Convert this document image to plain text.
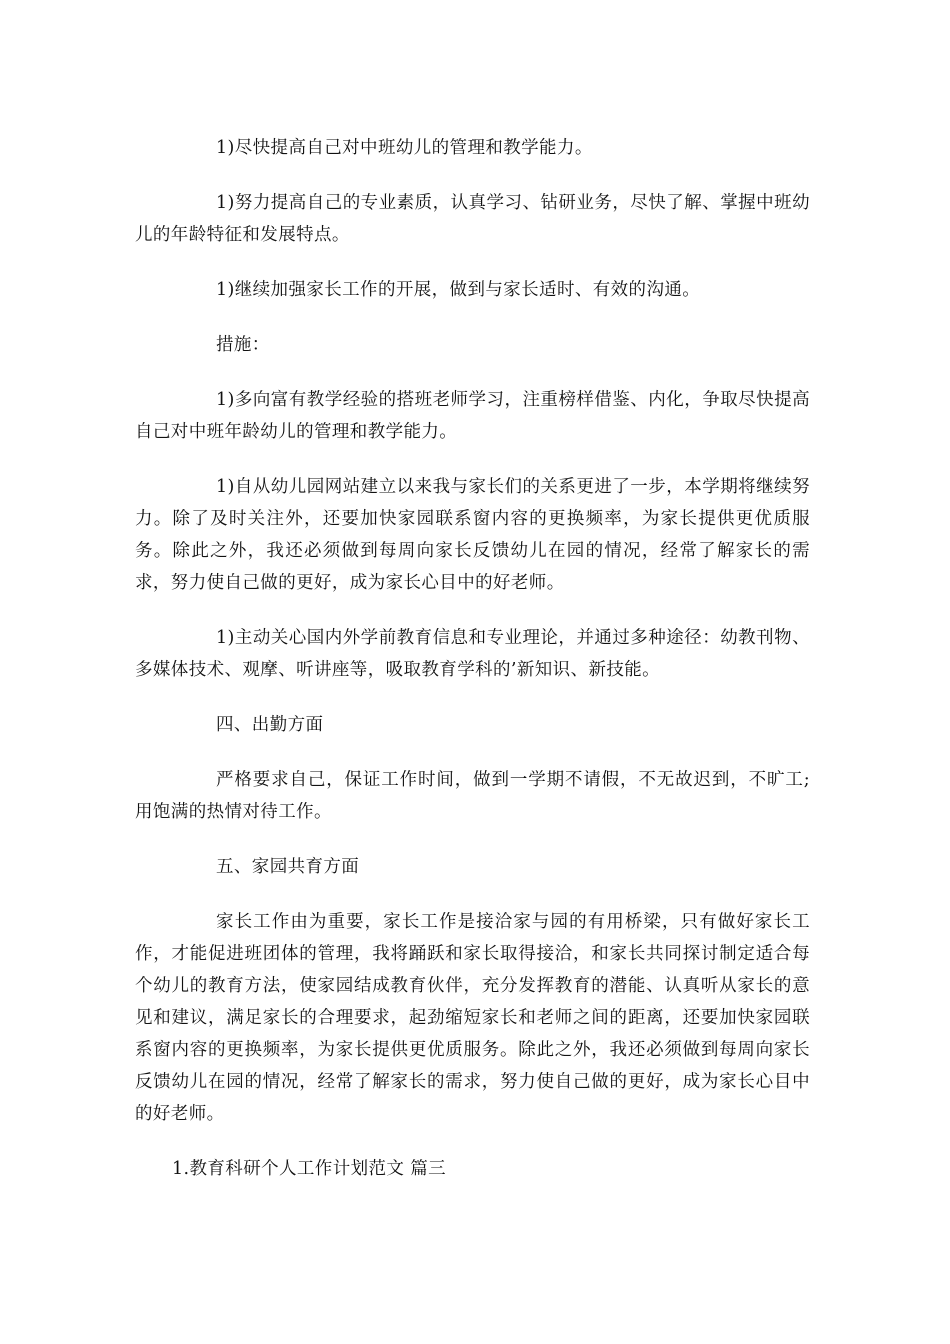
1)尽快提高自己对中班幼儿的管理和教学能力。

1)努力提高自己的专业素质，认真学习、钻研业务，尽快了解、掌握中班幼儿的年龄特征和发展特点。

1)继续加强家长工作的开展，做到与家长适时、有效的沟通。

措施：

1)多向富有教学经验的搭班老师学习，注重榜样借鉴、内化，争取尽快提高自己对中班年龄幼儿的管理和教学能力。

1)自从幼儿园网站建立以来我与家长们的关系更进了一步，本学期将继续努力。除了及时关注外，还要加快家园联系窗内容的更换频率，为家长提供更优质服务。除此之外，我还必须做到每周向家长反馈幼儿在园的情况，经常了解家长的需求，努力使自己做的更好，成为家长心目中的好老师。

1)主动关心国内外学前教育信息和专业理论，并通过多种途径：幼教刊物、多媒体技术、观摩、听讲座等，吸取教育学科的’新知识、新技能。

四、出勤方面

严格要求自己，保证工作时间，做到一学期不请假，不无故迟到，不旷工;用饱满的热情对待工作。

五、家园共育方面

家长工作由为重要，家长工作是接洽家与园的有用桥梁，只有做好家长工作，才能促进班团体的管理，我将踊跃和家长取得接洽，和家长共同探讨制定适合每个幼儿的教育方法，使家园结成教育伙伴，充分发挥教育的潜能、认真听从家长的意见和建议，满足家长的合理要求，起劲缩短家长和老师之间的距离，还要加快家园联系窗内容的更换频率，为家长提供更优质服务。除此之外，我还必须做到每周向家长反馈幼儿在园的情况，经常了解家长的需求，努力使自己做的更好，成为家长心目中的好老师。

1.教育科研个人工作计划范文 篇三
